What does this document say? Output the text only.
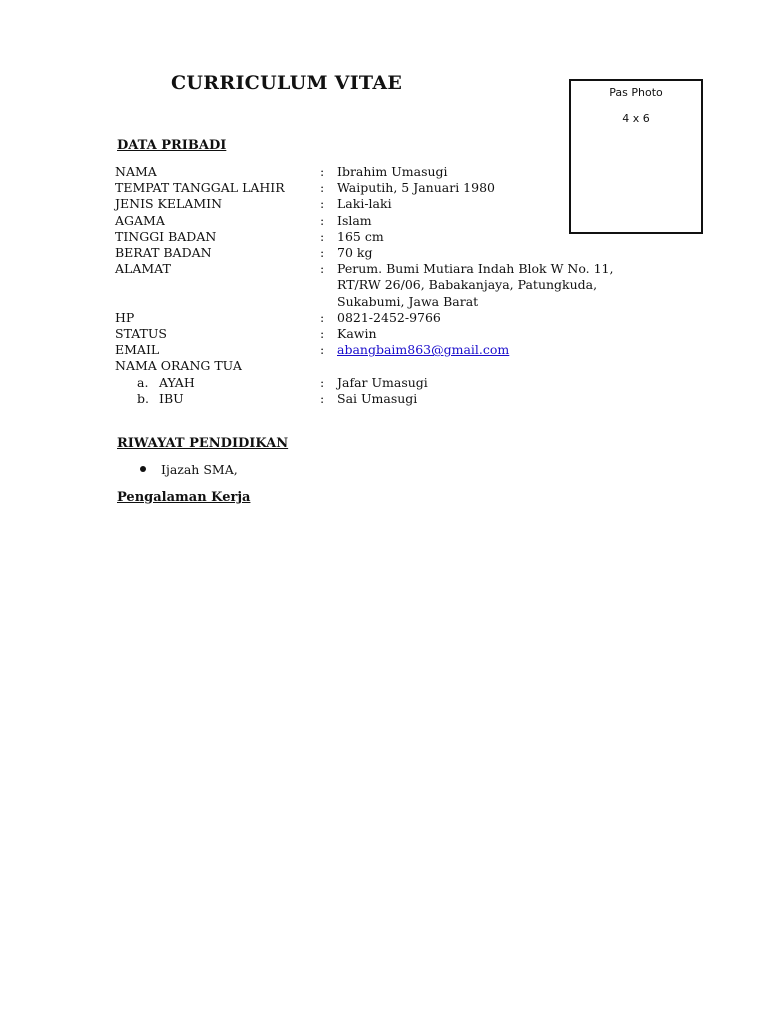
CURRICULUM VITAE	Pas Photo
4 x 6
DATA PRIBADI
NAMA	:	Ibrahim Umasugi
TEMPAT TANGGAL LAHIR	:	Waiputih, 5 Januari 1980
JENIS KELAMIN	:	Laki-laki
AGAMA	:	Islam
TINGGI BADAN	:	165 cm
BERAT BADAN	:	70 kg
ALAMAT	:	Perum. Bumi Mutiara Indah Blok W No. 11,
RT/RW 26/06, Babakanjaya, Patungkuda,
Sukabumi, Jawa Barat
HP	:	0821-2452-9766
STATUS	:	Kawin
EMAIL	:	abangbaim863@gmail.com
NAMA ORANG TUA
a. AYAH	:	Jafar Umasugi
b. IBU	:	Sai Umasugi
RIWAYAT PENDIDIKAN
Ijazah SMA,
Pengalaman Kerja
